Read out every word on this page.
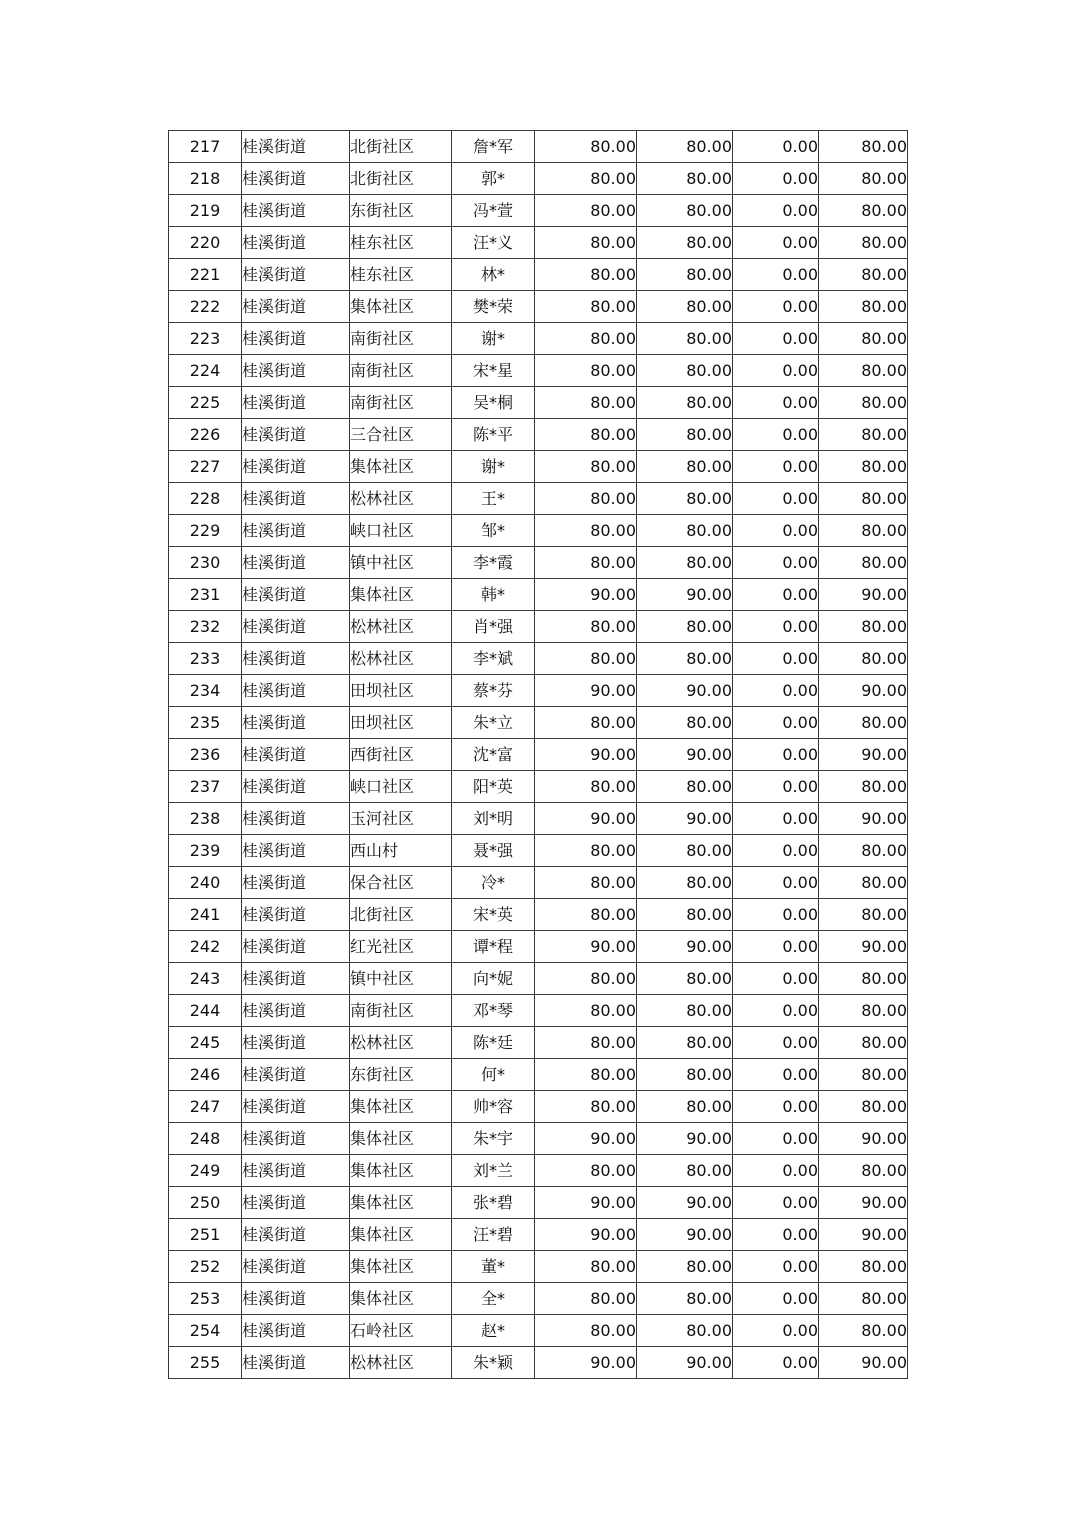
217	桂溪街道	北街社区	詹*军	80.00	80.00	0.00	80.00
218	桂溪街道	北街社区	郭*	80.00	80.00	0.00	80.00
219	桂溪街道	东街社区	冯*萱	80.00	80.00	0.00	80.00
220	桂溪街道	桂东社区	汪*义	80.00	80.00	0.00	80.00
221	桂溪街道	桂东社区	林*	80.00	80.00	0.00	80.00
222	桂溪街道	集体社区	樊*荣	80.00	80.00	0.00	80.00
223	桂溪街道	南街社区	谢*	80.00	80.00	0.00	80.00
224	桂溪街道	南街社区	宋*星	80.00	80.00	0.00	80.00
225	桂溪街道	南街社区	吴*桐	80.00	80.00	0.00	80.00
226	桂溪街道	三合社区	陈*平	80.00	80.00	0.00	80.00
227	桂溪街道	集体社区	谢*	80.00	80.00	0.00	80.00
228	桂溪街道	松林社区	王*	80.00	80.00	0.00	80.00
229	桂溪街道	峡口社区	邹*	80.00	80.00	0.00	80.00
230	桂溪街道	镇中社区	李*霞	80.00	80.00	0.00	80.00
231	桂溪街道	集体社区	韩*	90.00	90.00	0.00	90.00
232	桂溪街道	松林社区	肖*强	80.00	80.00	0.00	80.00
233	桂溪街道	松林社区	李*斌	80.00	80.00	0.00	80.00
234	桂溪街道	田坝社区	蔡*芬	90.00	90.00	0.00	90.00
235	桂溪街道	田坝社区	朱*立	80.00	80.00	0.00	80.00
236	桂溪街道	西街社区	沈*富	90.00	90.00	0.00	90.00
237	桂溪街道	峡口社区	阳*英	80.00	80.00	0.00	80.00
238	桂溪街道	玉河社区	刘*明	90.00	90.00	0.00	90.00
239	桂溪街道	西山村	聂*强	80.00	80.00	0.00	80.00
240	桂溪街道	保合社区	冷*	80.00	80.00	0.00	80.00
241	桂溪街道	北街社区	宋*英	80.00	80.00	0.00	80.00
242	桂溪街道	红光社区	谭*程	90.00	90.00	0.00	90.00
243	桂溪街道	镇中社区	向*妮	80.00	80.00	0.00	80.00
244	桂溪街道	南街社区	邓*琴	80.00	80.00	0.00	80.00
245	桂溪街道	松林社区	陈*廷	80.00	80.00	0.00	80.00
246	桂溪街道	东街社区	何*	80.00	80.00	0.00	80.00
247	桂溪街道	集体社区	帅*容	80.00	80.00	0.00	80.00
248	桂溪街道	集体社区	朱*宇	90.00	90.00	0.00	90.00
249	桂溪街道	集体社区	刘*兰	80.00	80.00	0.00	80.00
250	桂溪街道	集体社区	张*碧	90.00	90.00	0.00	90.00
251	桂溪街道	集体社区	汪*碧	90.00	90.00	0.00	90.00
252	桂溪街道	集体社区	董*	80.00	80.00	0.00	80.00
253	桂溪街道	集体社区	全*	80.00	80.00	0.00	80.00
254	桂溪街道	石岭社区	赵*	80.00	80.00	0.00	80.00
255	桂溪街道	松林社区	朱*颖	90.00	90.00	0.00	90.00
